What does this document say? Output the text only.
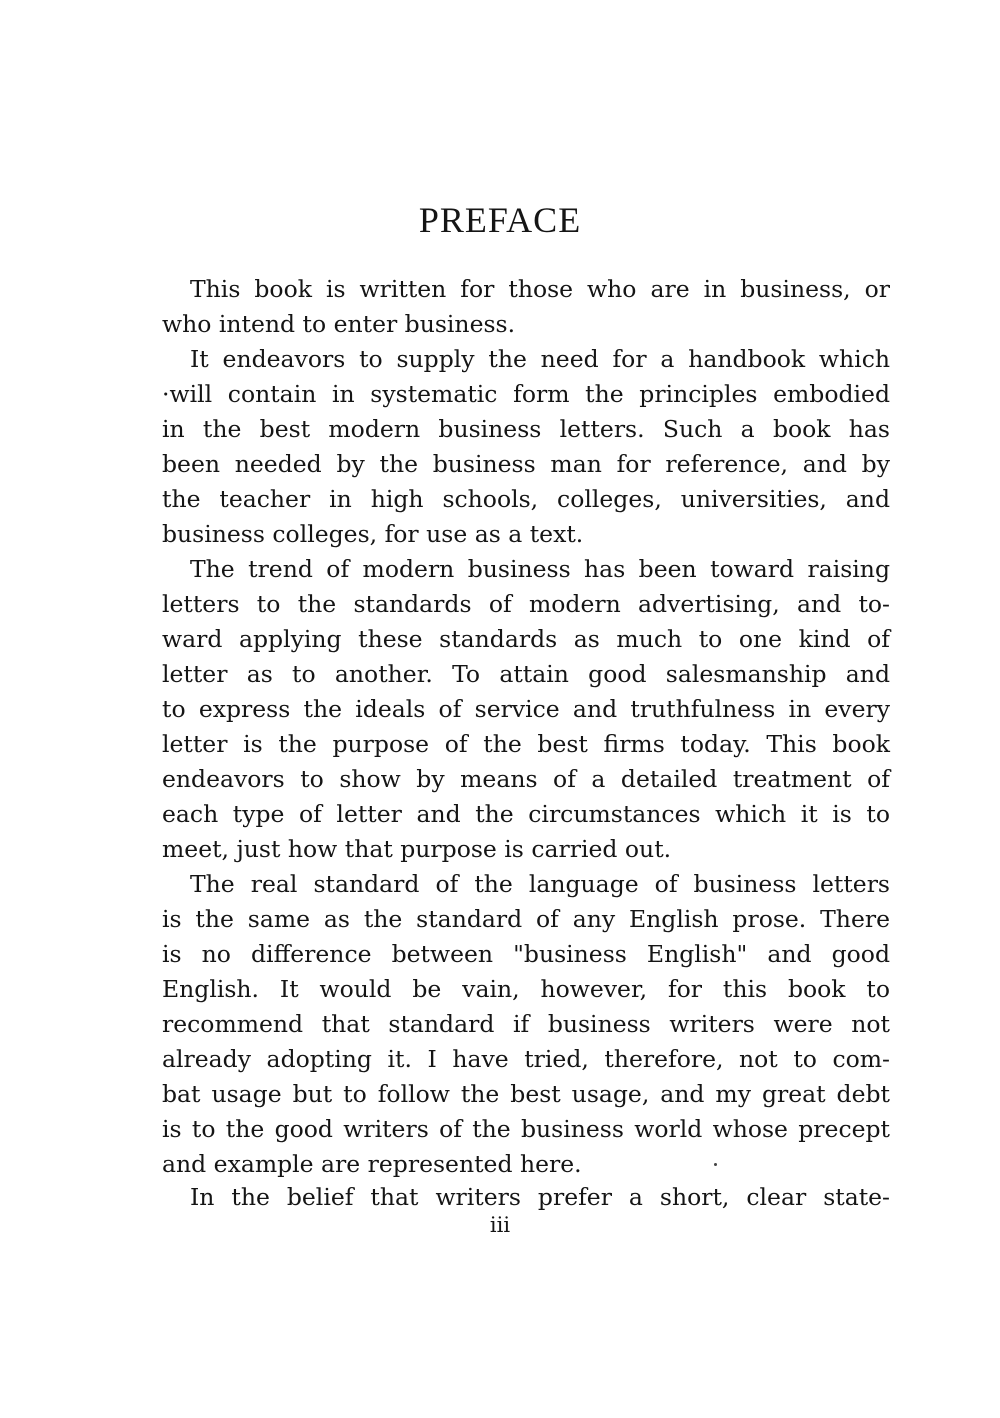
PREFACE
This book is written for those who are in business, or
who intend to enter business.
It endeavors to supply the need for a handbook which
·will contain in systematic form the principles embodied
in the best modern business letters. Such a book has
been needed by the business man for reference, and by
the teacher in high schools, colleges, universities, and
business colleges, for use as a text.
The trend of modern business has been toward raising
letters to the standards of modern advertising, and to-
ward applying these standards as much to one kind of
letter as to another. To attain good salesmanship and
to express the ideals of service and truthfulness in every
letter is the purpose of the best firms today. This book
endeavors to show by means of a detailed treatment of
each type of letter and the circumstances which it is to
meet, just how that purpose is carried out.
The real standard of the language of business letters
is the same as the standard of any English prose. There
is no difference between "business English" and good
English. It would be vain, however, for this book to
recommend that standard if business writers were not
already adopting it. I have tried, therefore, not to com-
bat usage but to follow the best usage, and my great debt
is to the good writers of the business world whose precept
and example are represented here.
In the belief that writers prefer a short, clear state-
iii
